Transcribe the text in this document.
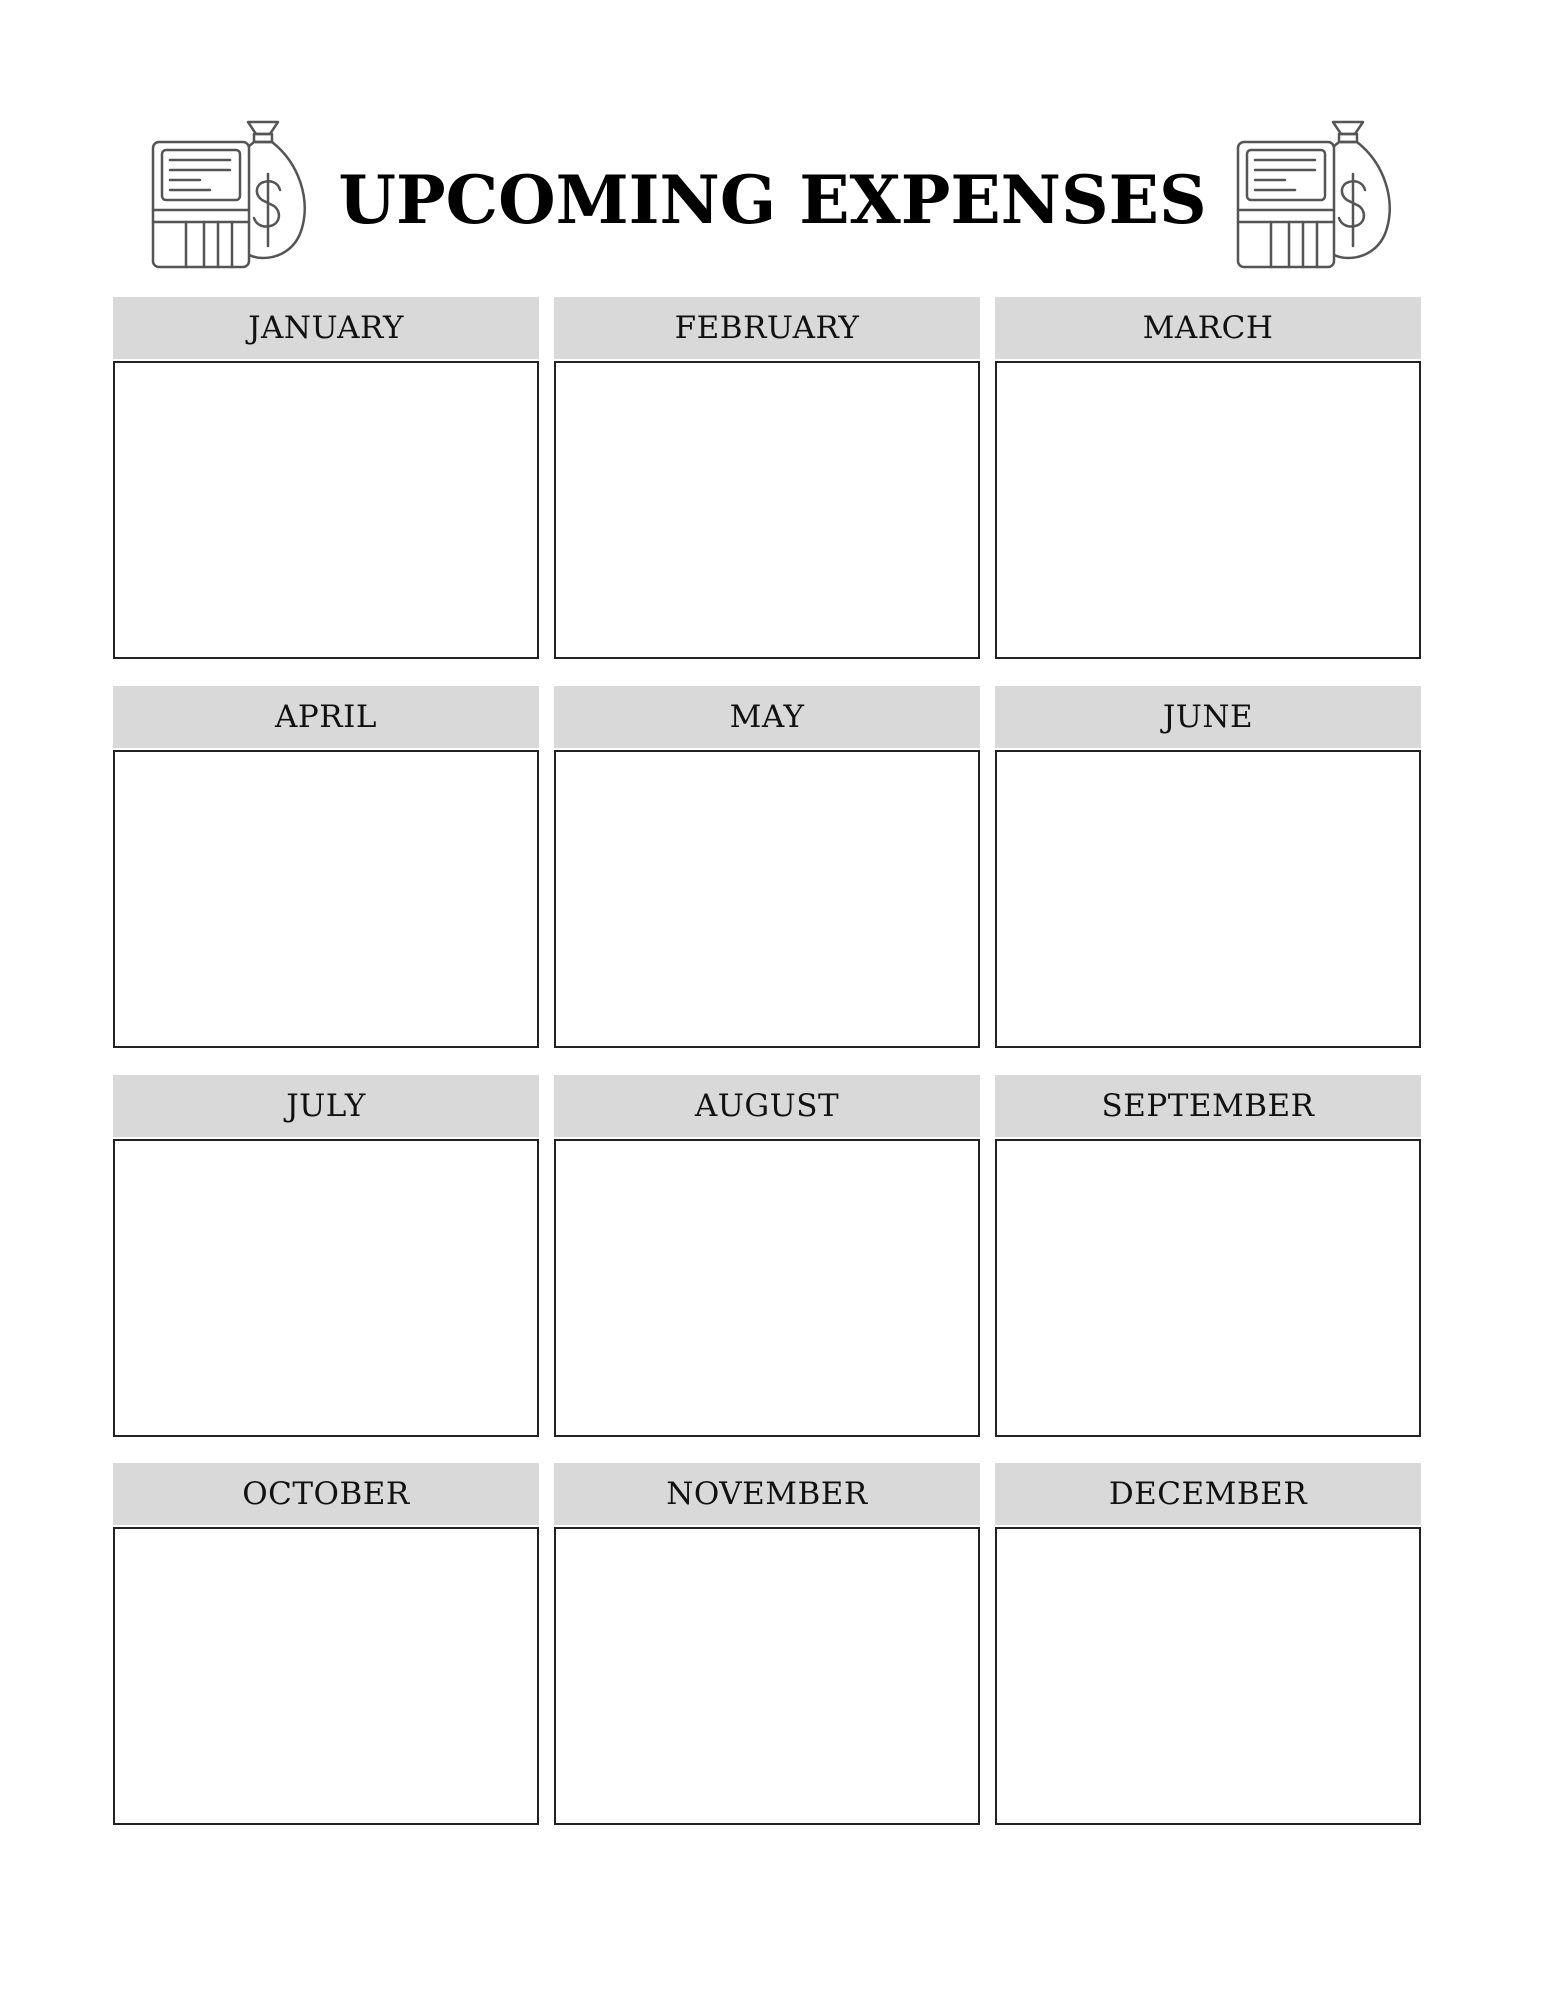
UPCOMING EXPENSES
JANUARY	FEBRUARY	MARCH
APRIL	MAY	JUNE
JULY	AUGUST	SEPTEMBER
OCTOBER	NOVEMBER	DECEMBER
